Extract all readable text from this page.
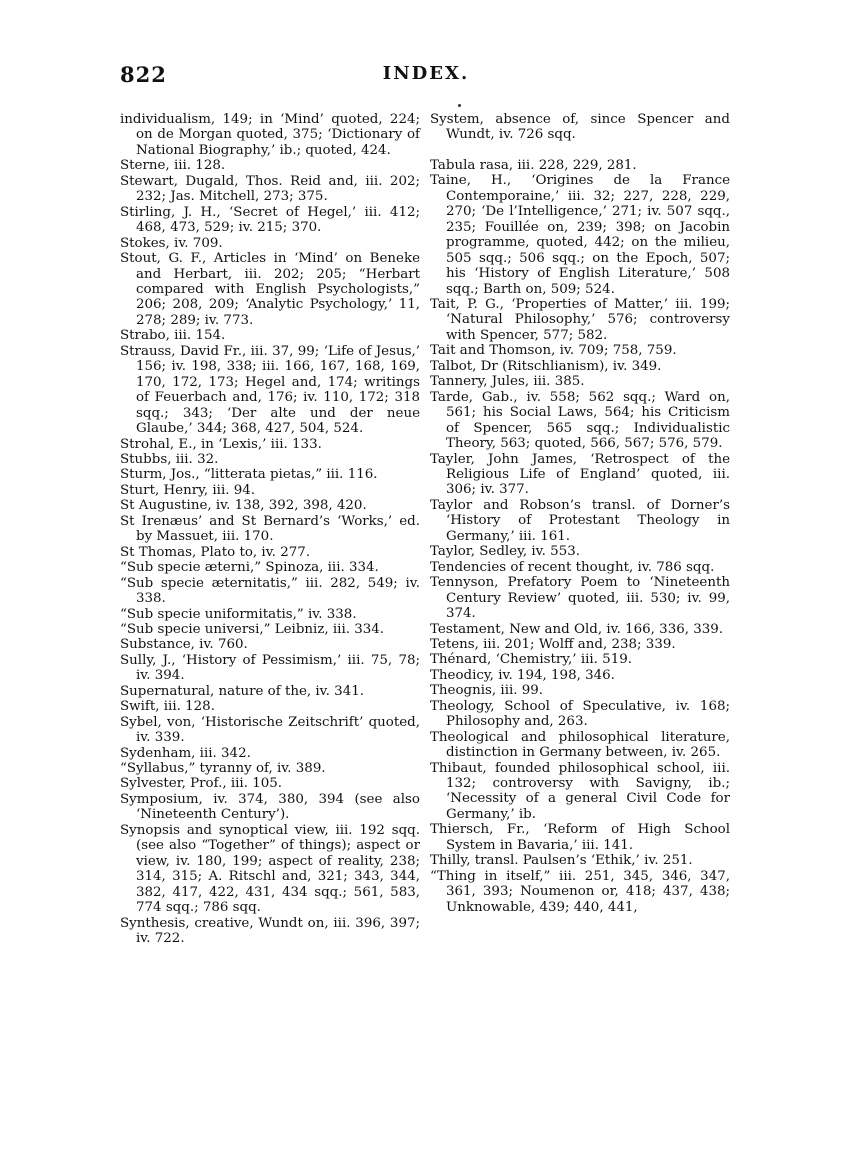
822	INDEX.

individualism, 149; in ‘Mind’ quoted, 224; on de Morgan quoted, 375; ‘Dictionary of National Biography,’ ib.; quoted, 424.

Sterne, iii. 128.

Stewart, Dugald, Thos. Reid and, iii. 202; 232; Jas. Mitchell, 273; 375.

Stirling, J. H., ‘Secret of Hegel,’ iii. 412; 468, 473, 529; iv. 215; 370.

Stokes, iv. 709.

Stout, G. F., Articles in ‘Mind’ on Beneke and Herbart, iii. 202; 205; “Herbart compared with English Psychologists,” 206; 208, 209; ‘Analytic Psychology,’ 11, 278; 289; iv. 773.

Strabo, iii. 154.

Strauss, David Fr., iii. 37, 99; ‘Life of Jesus,’ 156; iv. 198, 338; iii. 166, 167, 168, 169, 170, 172, 173; Hegel and, 174; writings of Feuerbach and, 176; iv. 110, 172; 318 sqq.; 343; ‘Der alte und der neue Glaube,’ 344; 368, 427, 504, 524.

Strohal, E., in ‘Lexis,’ iii. 133.

Stubbs, iii. 32.

Sturm, Jos., “litterata pietas,” iii. 116.

Sturt, Henry, iii. 94.

St Augustine, iv. 138, 392, 398, 420.

St Irenæus’ and St Bernard’s ‘Works,’ ed. by Massuet, iii. 170.

St Thomas, Plato to, iv. 277.

“Sub specie æterni,” Spinoza, iii. 334.

“Sub specie æternitatis,” iii. 282, 549; iv. 338.

“Sub specie uniformitatis,” iv. 338.

“Sub specie universi,” Leibniz, iii. 334.

Substance, iv. 760.

Sully, J., ‘History of Pessimism,’ iii. 75, 78; iv. 394.

Supernatural, nature of the, iv. 341.

Swift, iii. 128.

Sybel, von, ‘Historische Zeitschrift’ quoted, iv. 339.

Sydenham, iii. 342.

“Syllabus,” tyranny of, iv. 389.

Sylvester, Prof., iii. 105.

Symposium, iv. 374, 380, 394 (see also ‘Nineteenth Century’).

Synopsis and synoptical view, iii. 192 sqq. (see also “Together” of things); aspect or view, iv. 180, 199; aspect of reality, 238; 314, 315; A. Ritschl and, 321; 343, 344, 382, 417, 422, 431, 434 sqq.; 561, 583, 774 sqq.; 786 sqq.

Synthesis, creative, Wundt on, iii. 396, 397; iv. 722.

System, absence of, since Spencer and Wundt, iv. 726 sqq.

Tabula rasa, iii. 228, 229, 281.

Taine, H., ‘Origines de la France Contemporaine,’ iii. 32; 227, 228, 229, 270; ‘De l’Intelligence,’ 271; iv. 507 sqq., 235; Fouillée on, 239; 398; on Jacobin programme, quoted, 442; on the milieu, 505 sqq.; 506 sqq.; on the Epoch, 507; his ‘History of English Literature,’ 508 sqq.; Barth on, 509; 524.

Tait, P. G., ‘Properties of Matter,’ iii. 199; ‘Natural Philosophy,’ 576; controversy with Spencer, 577; 582.

Tait and Thomson, iv. 709; 758, 759.

Talbot, Dr (Ritschlianism), iv. 349.

Tannery, Jules, iii. 385.

Tarde, Gab., iv. 558; 562 sqq.; Ward on, 561; his Social Laws, 564; his Criticism of Spencer, 565 sqq.; Individualistic Theory, 563; quoted, 566, 567; 576, 579.

Tayler, John James, ‘Retrospect of the Religious Life of England’ quoted, iii. 306; iv. 377.

Taylor and Robson’s transl. of Dorner’s ‘History of Protestant Theology in Germany,’ iii. 161.

Taylor, Sedley, iv. 553.

Tendencies of recent thought, iv. 786 sqq.

Tennyson, Prefatory Poem to ‘Nineteenth Century Review’ quoted, iii. 530; iv. 99, 374.

Testament, New and Old, iv. 166, 336, 339.

Tetens, iii. 201; Wolff and, 238; 339.

Thénard, ‘Chemistry,’ iii. 519.

Theodicy, iv. 194, 198, 346.

Theognis, iii. 99.

Theology, School of Speculative, iv. 168; Philosophy and, 263.

Theological and philosophical literature, distinction in Germany between, iv. 265.

Thibaut, founded philosophical school, iii. 132; controversy with Savigny, ib.; ‘Necessity of a general Civil Code for Germany,’ ib.

Thiersch, Fr., ‘Reform of High School System in Bavaria,’ iii. 141.

Thilly, transl. Paulsen’s ‘Ethik,’ iv. 251.

“Thing in itself,” iii. 251, 345, 346, 347, 361, 393; Noumenon or, 418; 437, 438; Unknowable, 439; 440, 441,
